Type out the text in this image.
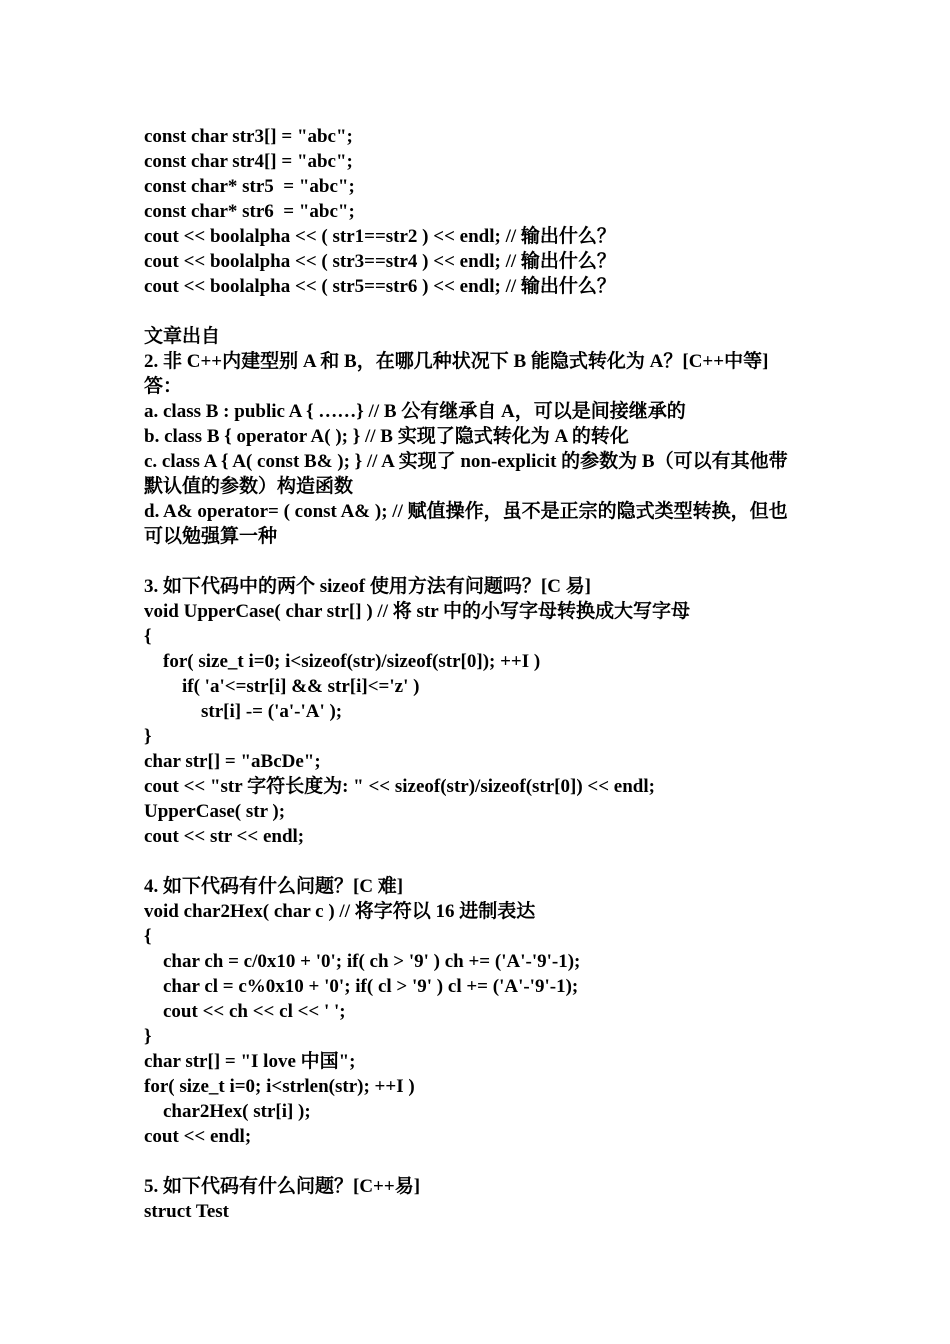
const char str3[] = "abc";
const char str4[] = "abc";
const char* str5  = "abc";
const char* str6  = "abc";
cout << boolalpha << ( str1==str2 ) << endl; // 输出什么？
cout << boolalpha << ( str3==str4 ) << endl; // 输出什么？
cout << boolalpha << ( str5==str6 ) << endl; // 输出什么？
文章出自
2. 非 C++内建型别 A 和 B，在哪几种状况下 B 能隐式转化为 A？[C++中等]
答：
a. class B : public A { ……} // B 公有继承自 A，可以是间接继承的
b. class B { operator A( ); } // B 实现了隐式转化为 A 的转化
c. class A { A( const B& ); } // A 实现了 non-explicit 的参数为 B（可以有其他带
默认值的参数）构造函数
d. A& operator= ( const A& ); // 赋值操作，虽不是正宗的隐式类型转换，但也
可以勉强算一种
3. 如下代码中的两个 sizeof 使用方法有问题吗？[C 易]
void UpperCase( char str[] ) // 将 str 中的小写字母转换成大写字母
{
for( size_t i=0; i<sizeof(str)/sizeof(str[0]); ++I )
if( 'a'<=str[i] && str[i]<='z' )
str[i] -= ('a'-'A' );
}
char str[] = "aBcDe";
cout << "str 字符长度为: " << sizeof(str)/sizeof(str[0]) << endl;
UpperCase( str );
cout << str << endl;
4. 如下代码有什么问题？[C 难]
void char2Hex( char c ) // 将字符以 16 进制表达
{
char ch = c/0x10 + '0'; if( ch > '9' ) ch += ('A'-'9'-1);
char cl = c%0x10 + '0'; if( cl > '9' ) cl += ('A'-'9'-1);
cout << ch << cl << ' ';
}
char str[] = "I love 中国";
for( size_t i=0; i<strlen(str); ++I )
char2Hex( str[i] );
cout << endl;
5. 如下代码有什么问题？[C++易]
struct Test
